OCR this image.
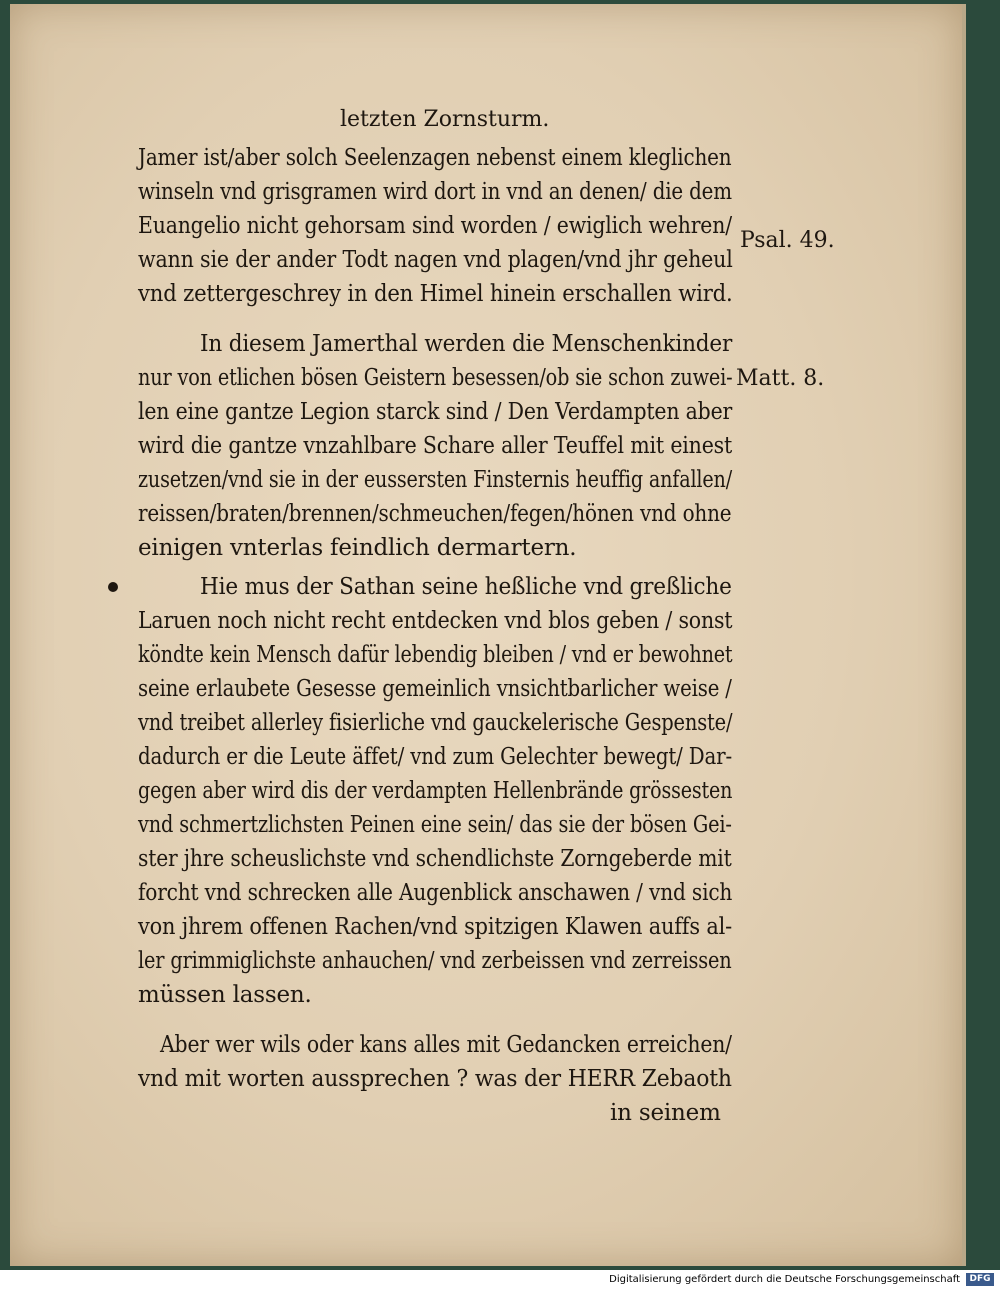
letzten Zornsturm.
Jamer ist/aber solch Seelenzagen nebenst einem kleglichen
winseln vnd grisgramen wird dort in vnd an denen/ die dem
Euangelio nicht gehorsam sind worden / ewiglich wehren/
wann sie der ander Todt nagen vnd plagen/vnd jhr geheul
vnd zettergeschrey in den Himel hinein erschallen wird.
In diesem Jamerthal werden die Menschenkinder
nur von etlichen bösen Geistern besessen/ob sie schon zuwei-
len eine gantze Legion starck sind / Den Verdampten aber
wird die gantze vnzahlbare Schare aller Teuffel mit einest
zusetzen/vnd sie in der eussersten Finsternis heuffig anfallen/
reissen/braten/brennen/schmeuchen/fegen/hönen vnd ohne
einigen vnterlas feindlich dermartern.
Hie mus der Sathan seine heßliche vnd greßliche
Laruen noch nicht recht entdecken vnd blos geben / sonst
köndte kein Mensch dafür lebendig bleiben / vnd er bewohnet
seine erlaubete Gesesse gemeinlich vnsichtbarlicher weise /
vnd treibet allerley fisierliche vnd gauckelerische Gespenste/
dadurch er die Leute äffet/ vnd zum Gelechter bewegt/ Dar-
gegen aber wird dis der verdampten Hellenbrände grössesten
vnd schmertzlichsten Peinen eine sein/ das sie der bösen Gei-
ster jhre scheuslichste vnd schendlichste Zorngeberde mit
forcht vnd schrecken alle Augenblick anschawen / vnd sich
von jhrem offenen Rachen/vnd spitzigen Klawen auffs al-
ler grimmiglichste anhauchen/ vnd zerbeissen vnd zerreissen
müssen lassen.
Aber wer wils oder kans alles mit Gedancken erreichen/
vnd mit worten aussprechen ? was der HERR Zebaoth
in seinem
Psal. 49.
Matt. 8.
Digitalisierung gefördert durch die Deutsche Forschungsgemeinschaft	DFG
